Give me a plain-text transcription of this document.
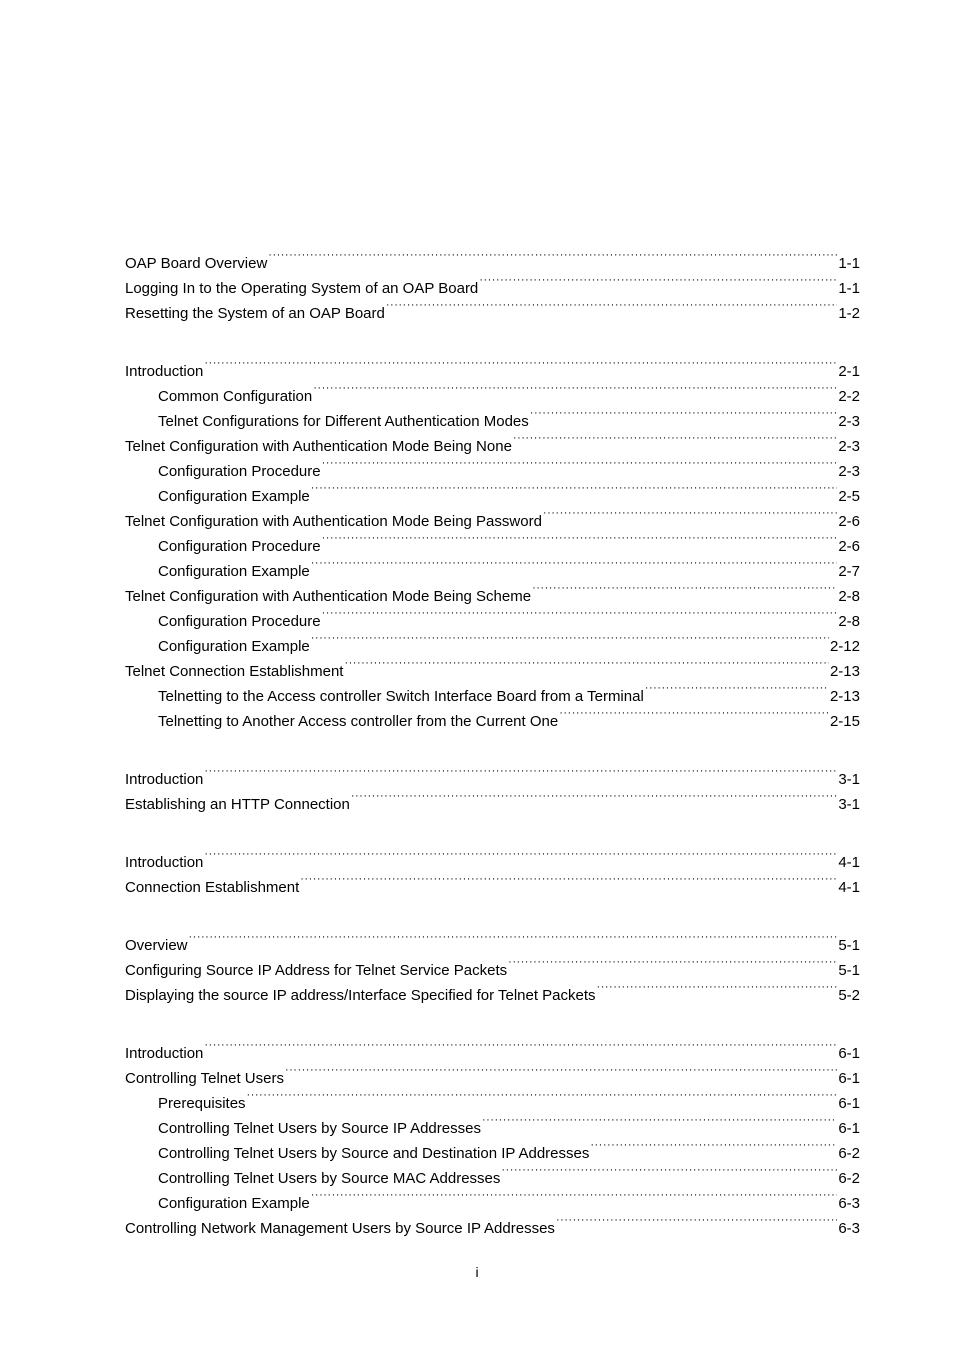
OAP Board Overview ·····	1-1
Logging In to the Operating System of an OAP Board ·····	1-1
Resetting the System of an OAP Board ·····	1-2
Introduction ·····	2-1
Common Configuration ·····	2-2
Telnet Configurations for Different Authentication Modes ·····	2-3
Telnet Configuration with Authentication Mode Being None ·····	2-3
Configuration Procedure ·····	2-3
Configuration Example ·····	2-5
Telnet Configuration with Authentication Mode Being Password ·····	2-6
Configuration Procedure ·····	2-6
Configuration Example ·····	2-7
Telnet Configuration with Authentication Mode Being Scheme ·····	2-8
Configuration Procedure ·····	2-8
Configuration Example ·····	2-12
Telnet Connection Establishment ·····	2-13
Telnetting to the Access controller Switch Interface Board from a Terminal ·····	2-13
Telnetting to Another Access controller from the Current One ·····	2-15
Introduction ·····	3-1
Establishing an HTTP Connection ·····	3-1
Introduction ·····	4-1
Connection Establishment ·····	4-1
Overview ·····	5-1
Configuring Source IP Address for Telnet Service Packets ·····	5-1
Displaying the source IP address/Interface Specified for Telnet Packets ·····	5-2
Introduction ·····	6-1
Controlling Telnet Users ·····	6-1
Prerequisites ·····	6-1
Controlling Telnet Users by Source IP Addresses ·····	6-1
Controlling Telnet Users by Source and Destination IP Addresses ·····	6-2
Controlling Telnet Users by Source MAC Addresses ·····	6-2
Configuration Example ·····	6-3
Controlling Network Management Users by Source IP Addresses ·····	6-3
i
